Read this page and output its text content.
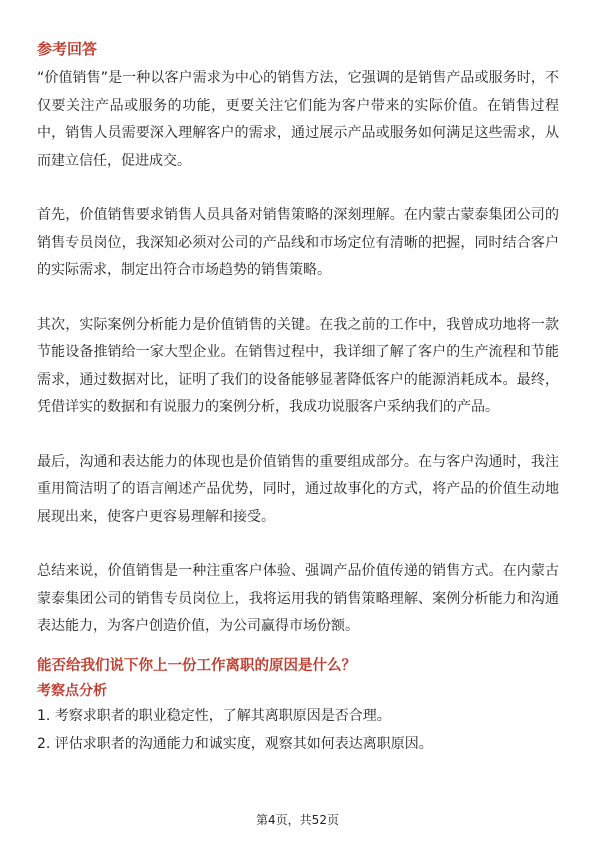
参考回答

“价值销售”是一种以客户需求为中心的销售方法，它强调的是销售产品或服务时，不仅要关注产品或服务的功能，更要关注它们能为客户带来的实际价值。在销售过程中，销售人员需要深入理解客户的需求，通过展示产品或服务如何满足这些需求，从而建立信任，促进成交。

首先，价值销售要求销售人员具备对销售策略的深刻理解。在内蒙古蒙泰集团公司的销售专员岗位，我深知必须对公司的产品线和市场定位有清晰的把握，同时结合客户的实际需求，制定出符合市场趋势的销售策略。

其次，实际案例分析能力是价值销售的关键。在我之前的工作中，我曾成功地将一款节能设备推销给一家大型企业。在销售过程中，我详细了解了客户的生产流程和节能需求，通过数据对比，证明了我们的设备能够显著降低客户的能源消耗成本。最终，凭借详实的数据和有说服力的案例分析，我成功说服客户采纳我们的产品。

最后，沟通和表达能力的体现也是价值销售的重要组成部分。在与客户沟通时，我注重用简洁明了的语言阐述产品优势，同时，通过故事化的方式，将产品的价值生动地展现出来，使客户更容易理解和接受。

总结来说，价值销售是一种注重客户体验、强调产品价值传递的销售方式。在内蒙古蒙泰集团公司的销售专员岗位上，我将运用我的销售策略理解、案例分析能力和沟通表达能力，为客户创造价值，为公司赢得市场份额。

能否给我们说下你上一份工作离职的原因是什么？

考察点分析

1. 考察求职者的职业稳定性，了解其离职原因是否合理。

2. 评估求职者的沟通能力和诚实度，观察其如何表达离职原因。

第4页，共52页
